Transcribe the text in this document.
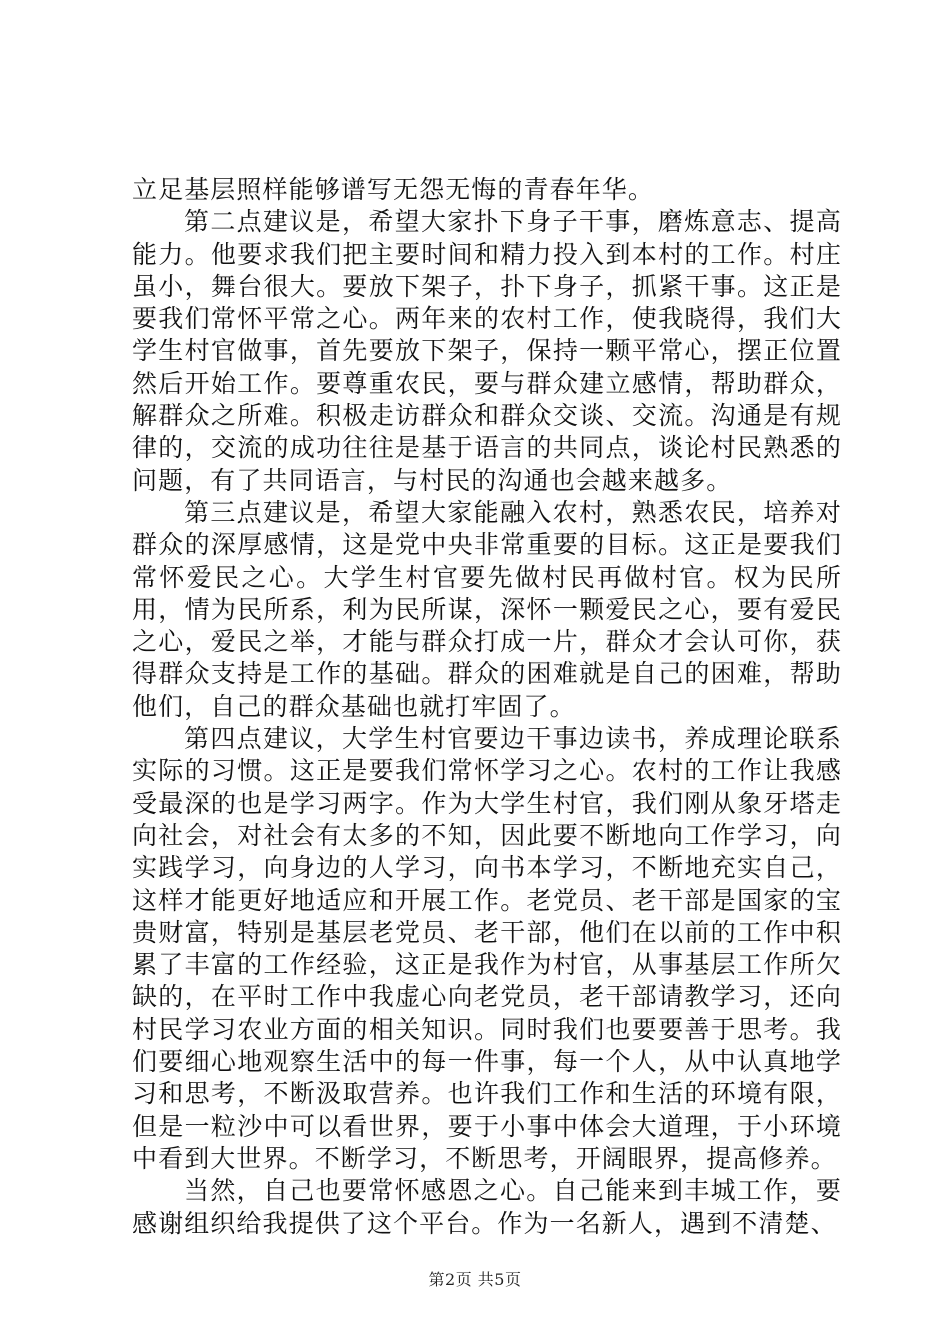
立足基层照样能够谱写无怨无悔的青春年华。

第二点建议是，希望大家扑下身子干事，磨炼意志、提高能力。他要求我们把主要时间和精力投入到本村的工作。村庄虽小，舞台很大。要放下架子，扑下身子，抓紧干事。这正是要我们常怀平常之心。两年来的农村工作，使我晓得，我们大学生村官做事，首先要放下架子，保持一颗平常心，摆正位置然后开始工作。要尊重农民，要与群众建立感情，帮助群众，解群众之所难。积极走访群众和群众交谈、交流。沟通是有规律的，交流的成功往往是基于语言的共同点，谈论村民熟悉的问题，有了共同语言，与村民的沟通也会越来越多。

第三点建议是，希望大家能融入农村，熟悉农民，培养对群众的深厚感情，这是党中央非常重要的目标。这正是要我们常怀爱民之心。大学生村官要先做村民再做村官。权为民所用，情为民所系，利为民所谋，深怀一颗爱民之心，要有爱民之心，爱民之举，才能与群众打成一片，群众才会认可你，获得群众支持是工作的基础。群众的困难就是自己的困难，帮助他们，自己的群众基础也就打牢固了。

第四点建议，大学生村官要边干事边读书，养成理论联系实际的习惯。这正是要我们常怀学习之心。农村的工作让我感受最深的也是学习两字。作为大学生村官，我们刚从象牙塔走向社会，对社会有太多的不知，因此要不断地向工作学习，向实践学习，向身边的人学习，向书本学习，不断地充实自己，这样才能更好地适应和开展工作。老党员、老干部是国家的宝贵财富，特别是基层老党员、老干部，他们在以前的工作中积累了丰富的工作经验，这正是我作为村官，从事基层工作所欠缺的，在平时工作中我虚心向老党员，老干部请教学习，还向村民学习农业方面的相关知识。同时我们也要要善于思考。我们要细心地观察生活中的每一件事，每一个人，从中认真地学习和思考，不断汲取营养。也许我们工作和生活的环境有限，但是一粒沙中可以看世界，要于小事中体会大道理，于小环境中看到大世界。不断学习，不断思考，开阔眼界，提高修养。

当然，自己也要常怀感恩之心。自己能来到丰城工作，要感谢组织给我提供了这个平台。作为一名新人，遇到不清楚、

第2页 共5页
